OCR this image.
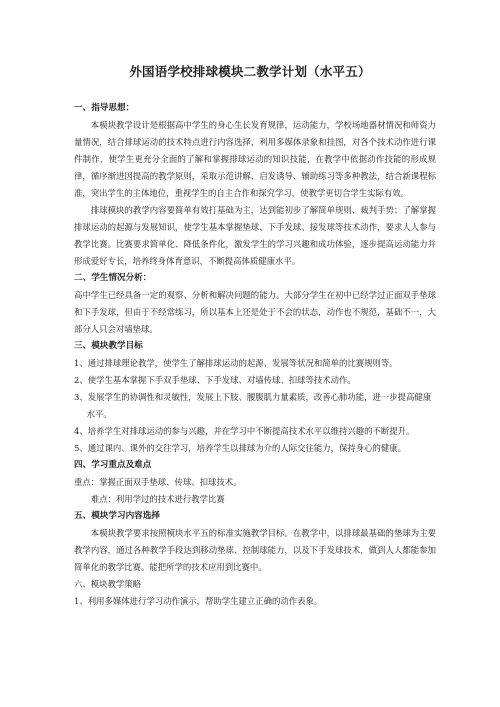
外国语学校排球模块二教学计划（水平五）

一、指导思想：

本模块教学设计是根据高中学生的身心生长发育规律，运动能力，学校场地器材情况和师资力量情况，结合排球运动的技术特点进行内容选择，利用多媒体录象和挂图，对各个技术动作进行课件制作，使学生更充分全面的了解和掌握排球运动的知识技能，在教学中依据动作技能的形成规律，循序渐进因提高的教学原则，采取示范讲解、启发诱导、辅助练习等多种教法，结合新课程标准，突出学生的主体地位，重视学生的自主合作和探究学习，使教学更切合学生实际有效。

排球模块的教学内容要简单有效打基础为主，达到能初步了解简单规则、裁判手势；了解掌握排球运动的起源与发展知识，使学生基本掌握垫球、下手发球、接发球等技术动作，要求人人参与教学比赛。比赛要求简单化、降低条件化，激发学生的学习兴趣和成功体验，逐步提高运动能力并形成爱好专长，培养终身体育意识，不断提高体质健康水平。

二、学生情况分析：

高中学生已经具备一定的观察、分析和解决问题的能力。大部分学生在初中已经学过正面双手垫球和下手发球，但由于不经常练习，所以基本上还是处于不会的状态，动作也不规范，基础不一，大部分人只会对墙垫球。

三、模块教学目标

1、通过排球理论教学，使学生了解排球运动的起源、发展等状况和简单的比赛规则等。

2、使学生基本掌握下手双手垫球、下手发球、对墙传球、扣球等技术动作。

3、发展学生的协调性和灵敏性，发展上下肢、腰腹肌力量素质，改善心肺功能，进一步提高健康水平。

4、培养学生对排球运动的参与兴趣，并在学习中不断提高技术水平以维持兴趣的不断提升。

5、通过课内、课外的交往学习，培养学生以排球为介的人际交往能力，保持身心的健康。

四、学习重点及难点

重点：掌握正面双手垫球、传球、扣球技术。

难点：利用学过的技术进行教学比赛

五、模块学习内容选择

本模块教学要求按照模块水平五的标准实施教学目标。在教学中，以排球最基础的垫球为主要教学内容，通过各种教学手段达到移动垫球、控制球能力，以及下手发球技术，做到人人都能参加简单化的教学比赛。能把所学的技术应用到比赛中。

六、模块教学策略

1、利用多媒体进行学习动作演示，帮助学生建立正确的动作表象。
